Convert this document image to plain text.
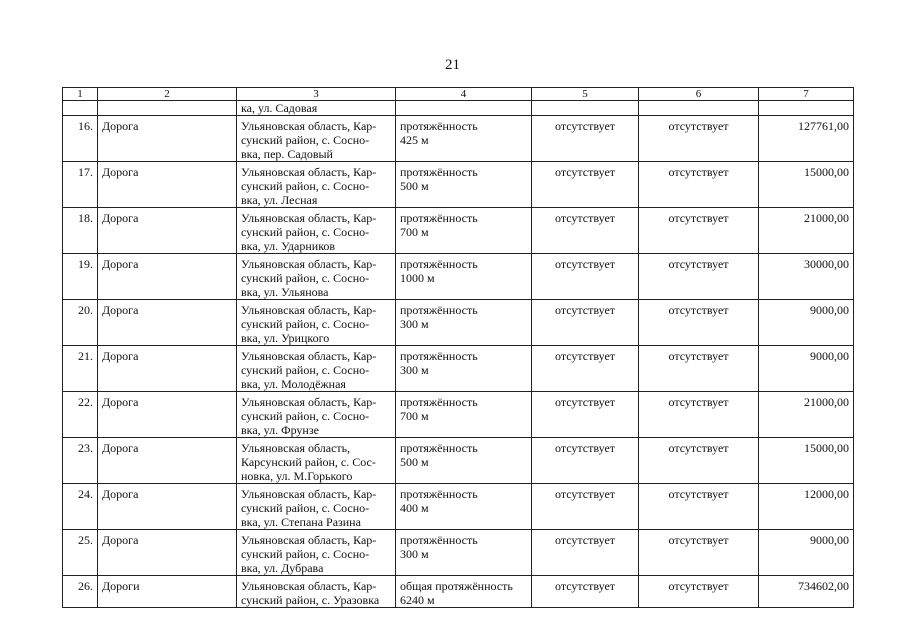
21
1	2	3	4	5	6	7
		ка, ул. Садовая				
16.	Дорога	Ульяновская область, Кар-
сунский район, с. Сосно-
вка, пер. Садовый	протяжённость
425 м	отсутствует	отсутствует	127761,00
17.	Дорога	Ульяновская область, Кар-
сунский район, с. Сосно-
вка, ул. Лесная	протяжённость
500 м	отсутствует	отсутствует	15000,00
18.	Дорога	Ульяновская область, Кар-
сунский район, с. Сосно-
вка, ул. Ударников	протяжённость
700 м	отсутствует	отсутствует	21000,00
19.	Дорога	Ульяновская область, Кар-
сунский район, с. Сосно-
вка, ул. Ульянова	протяжённость
1000 м	отсутствует	отсутствует	30000,00
20.	Дорога	Ульяновская область, Кар-
сунский район, с. Сосно-
вка, ул. Урицкого	протяжённость
300 м	отсутствует	отсутствует	9000,00
21.	Дорога	Ульяновская область, Кар-
сунский район, с. Сосно-
вка, ул. Молодёжная	протяжённость
300 м	отсутствует	отсутствует	9000,00
22.	Дорога	Ульяновская область, Кар-
сунский район, с. Сосно-
вка, ул. Фрунзе	протяжённость
700 м	отсутствует	отсутствует	21000,00
23.	Дорога	Ульяновская область,
Карсунский район, с. Сос-
новка, ул. М.Горького	протяжённость
500 м	отсутствует	отсутствует	15000,00
24.	Дорога	Ульяновская область, Кар-
сунский район, с. Сосно-
вка, ул. Степана Разина	протяжённость
400 м	отсутствует	отсутствует	12000,00
25.	Дорога	Ульяновская область, Кар-
сунский район, с. Сосно-
вка, ул. Дубрава	протяжённость
300 м	отсутствует	отсутствует	9000,00
26.	Дороги	Ульяновская область, Кар-
сунский район, с. Уразовка	общая протяжённость
6240 м	отсутствует	отсутствует	734602,00
